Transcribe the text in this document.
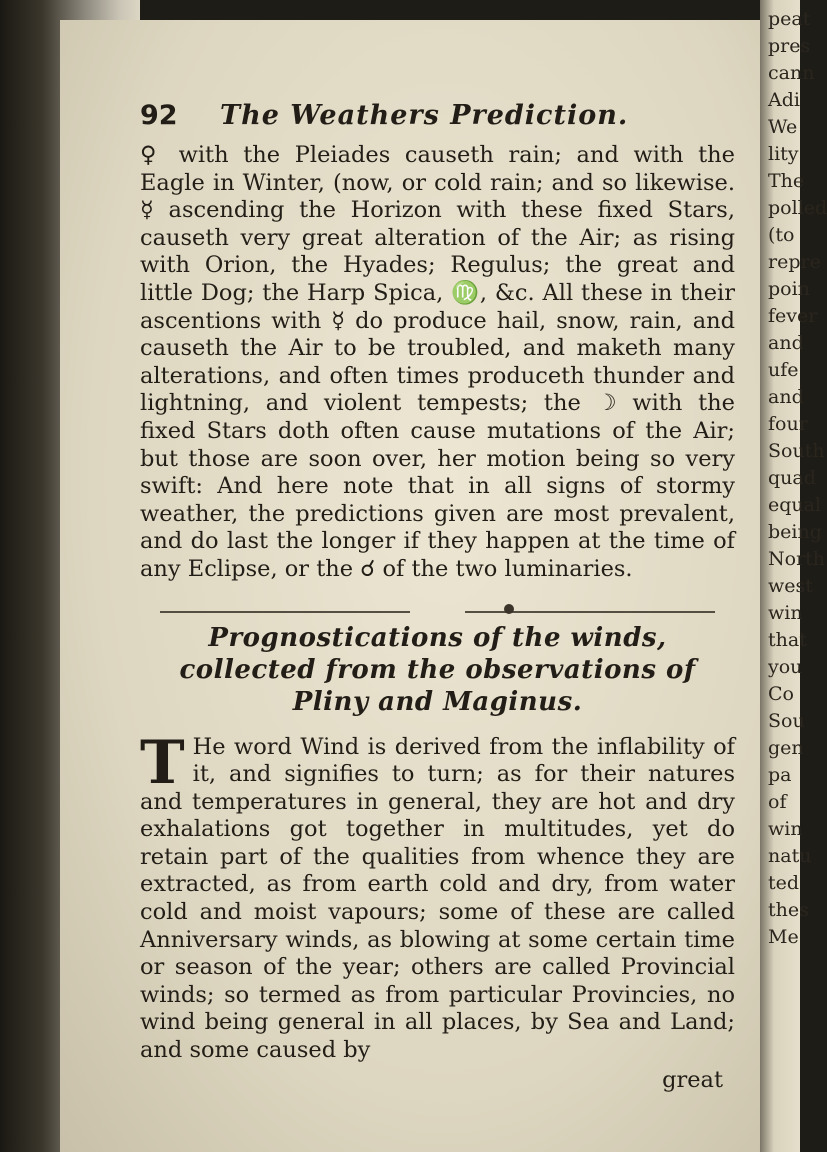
peat
pres
cann
Adi
We
lity
The
polled
(to
repre
poin
fever
and
ufe
and
four
South
quad
equal
being
North
west
win
that
you
Co
Sou
gen
pa
of
win
natu
ted
thes
Me
92	The Weathers Prediction.

♀ with the Pleiades causeth rain; and with the Eagle in Winter, (now, or cold rain; and so likewise. ☿ ascending the Horizon with these fixed Stars, causeth very great alteration of the Air; as rising with Orion, the Hyades; Regulus; the great and little Dog; the Harp Spica, ♍, &c. All these in their ascentions with ☿ do produce hail, snow, rain, and causeth the Air to be troubled, and maketh many alterations, and often times produceth thunder and lightning, and violent tempests; the ☽ with the fixed Stars doth often cause mutations of the Air; but those are soon over, her motion being so very swift: And here note that in all signs of stormy weather, the predictions given are most prevalent, and do last the longer if they happen at the time of any Eclipse, or the ☌ of the two luminaries.

Prognostications of the winds, collected from the observations of Pliny and Maginus.
T He word Wind is derived from the inflability of it, and signifies to turn; as for their natures and temperatures in general, they are hot and dry exhalations got together in multitudes, yet do retain part of the qualities from whence they are extracted, as from earth cold and dry, from water cold and moist vapours; some of these are called Anniversary winds, as blowing at some certain time or season of the year; others are called Provincial winds; so termed as from particular Provincies, no wind being general in all places, by Sea and Land; and some caused by

great
